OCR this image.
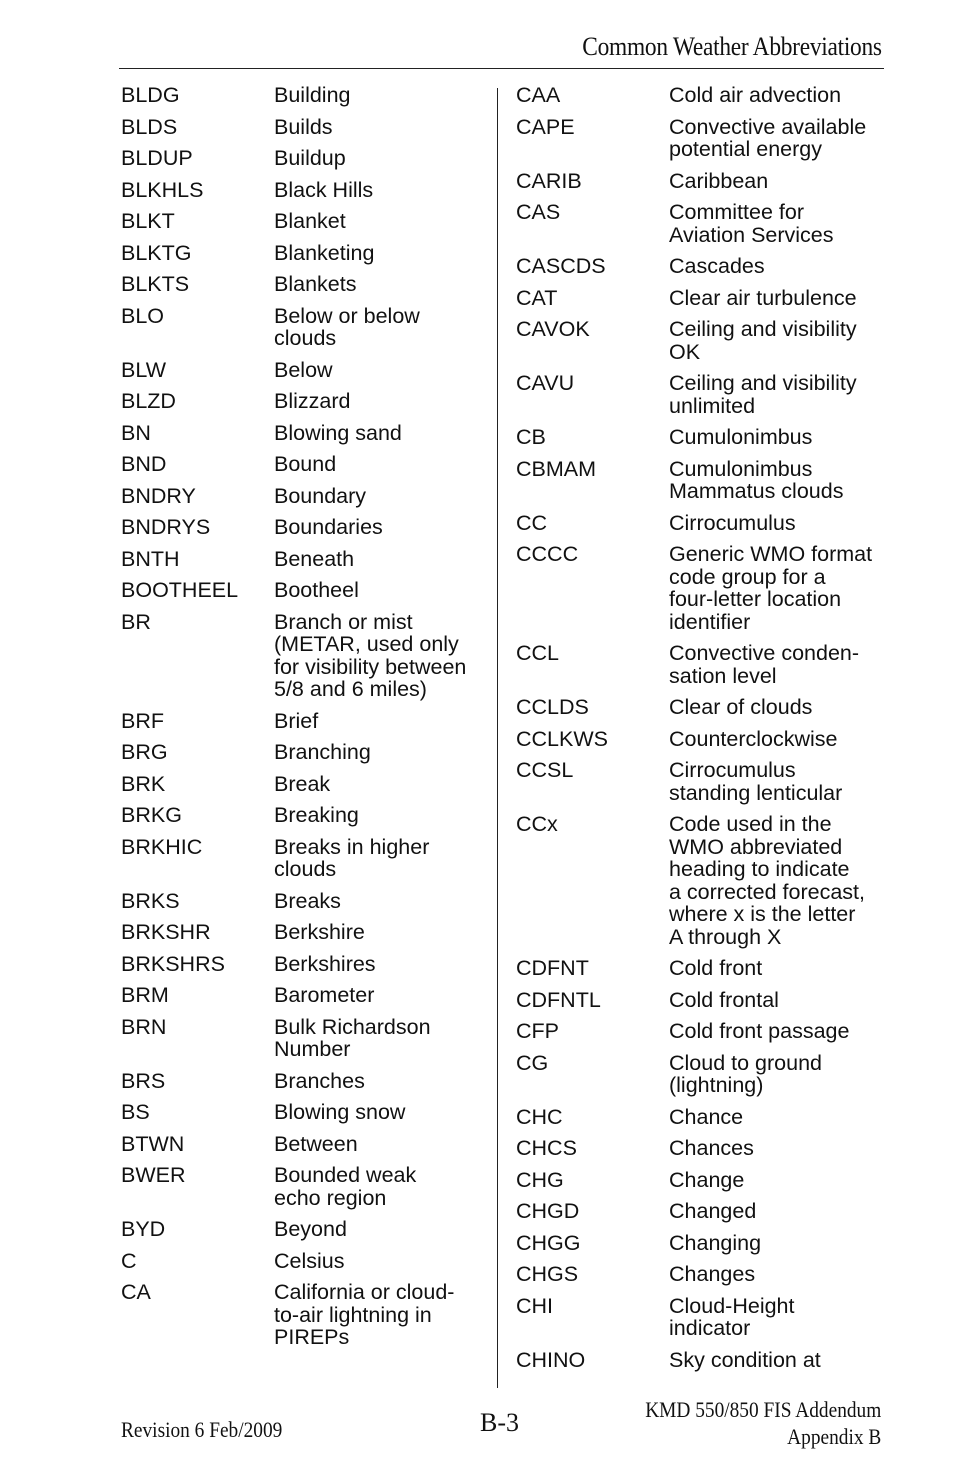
Common Weather Abbreviations
BLDG	Building
BLDS	Builds
BLDUP	Buildup
BLKHLS	Black Hills
BLKT	Blanket
BLKTG	Blanketing
BLKTS	Blankets
BLO	Below or below
clouds
BLW	Below
BLZD	Blizzard
BN	Blowing sand
BND	Bound
BNDRY	Boundary
BNDRYS	Boundaries
BNTH	Beneath
BOOTHEEL	Bootheel
BR	Branch or mist
(METAR, used only
for visibility between
5/8 and 6 miles)
BRF	Brief
BRG	Branching
BRK	Break
BRKG	Breaking
BRKHIC	Breaks in higher
clouds
BRKS	Breaks
BRKSHR	Berkshire
BRKSHRS	Berkshires
BRM	Barometer
BRN	Bulk Richardson
Number
BRS	Branches
BS	Blowing snow
BTWN	Between
BWER	Bounded weak
echo region
BYD	Beyond
C	Celsius
CA	California or cloud-
to-air lightning in
PIREPs
CAA	Cold air advection
CAPE	Convective available
potential energy
CARIB	Caribbean
CAS	Committee for
Aviation Services
CASCDS	Cascades
CAT	Clear air turbulence
CAVOK	Ceiling and visibility
OK
CAVU	Ceiling and visibility
unlimited
CB	Cumulonimbus
CBMAM	Cumulonimbus
Mammatus clouds
CC	Cirrocumulus
CCCC	Generic WMO format
code group for a
four-letter location
identifier
CCL	Convective conden-
sation level
CCLDS	Clear of clouds
CCLKWS	Counterclockwise
CCSL	Cirrocumulus
standing lenticular
CCx	Code used in the
WMO abbreviated
heading to indicate
a corrected forecast,
where x is the letter
A through X
CDFNT	Cold front
CDFNTL	Cold frontal
CFP	Cold front passage
CG	Cloud to ground
(lightning)
CHC	Chance
CHCS	Chances
CHG	Change
CHGD	Changed
CHGG	Changing
CHGS	Changes
CHI	Cloud-Height
indicator
CHINO	Sky condition at
Revision 6 Feb/2009	B-3	KMD 550/850 FIS Addendum
Appendix B
